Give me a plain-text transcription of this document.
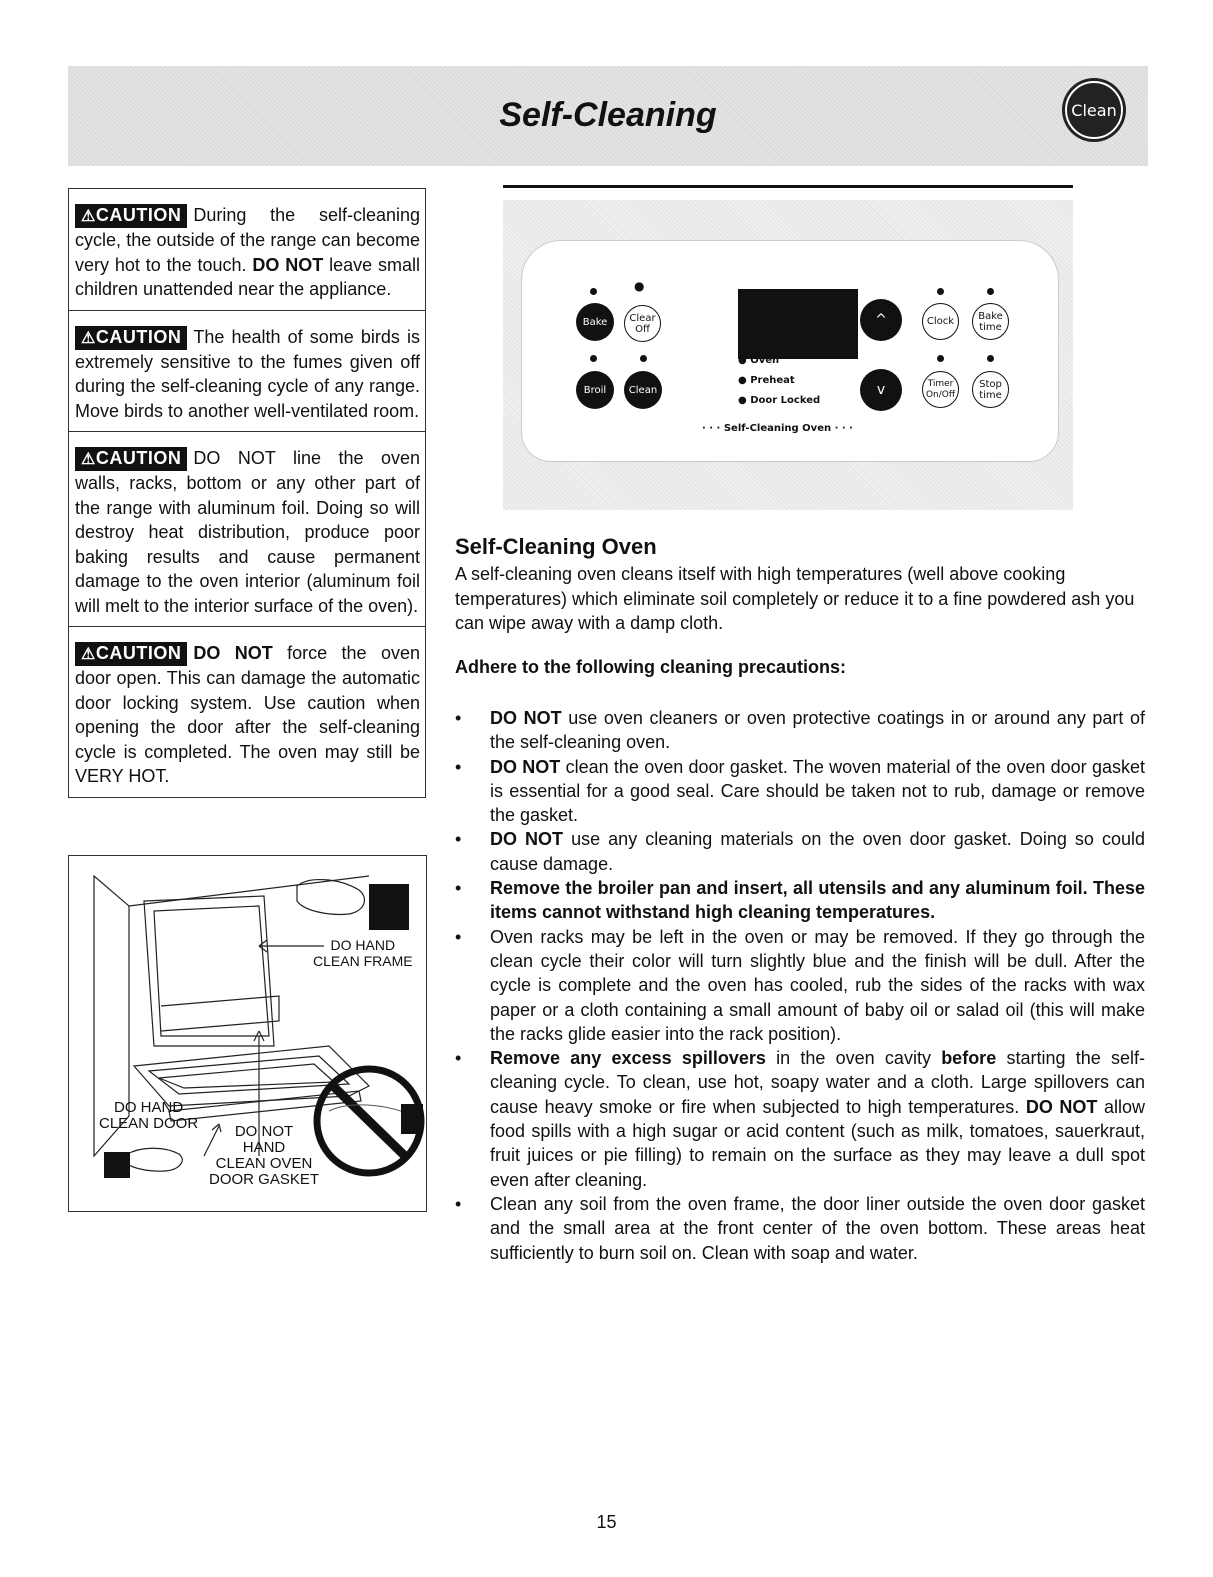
Self-Cleaning	Clean
⚠CAUTION During the self-cleaning cycle, the outside of the range can become very hot to the touch. DO NOT leave small children unattended near the appliance.
⚠CAUTION The health of some birds is extremely sensitive to the fumes given off during the self-cleaning cycle of any range. Move birds to another well-ventilated room.
⚠CAUTION DO NOT line the oven walls, racks, bottom or any other part of the range with aluminum foil. Doing so will destroy heat distribution, produce poor baking results and cause permanent damage to the oven interior (aluminum foil will melt to the interior surface of the oven).
⚠CAUTION DO NOT force the oven door open. This can damage the automatic door locking system. Use caution when opening the door after the self-cleaning cycle is completed. The oven may still be VERY HOT.
DO HAND
CLEAN FRAME
DO HAND
CLEAN DOOR	DO NOT
HAND
CLEAN OVEN
DOOR GASKET
●
Bake	Clear Off
Broil	Clean
● Oven
● Preheat
● Door Locked
· · · Self-Cleaning Oven · · ·
^
v
Clock	Bake time
Timer On/Off
Stop time
Self-Cleaning Oven
A self-cleaning oven cleans itself with high temperatures (well above cooking temperatures) which eliminate soil completely or reduce it to a fine powdered ash you can wipe away with a damp cloth.
Adhere to the following cleaning precautions:
•	DO NOT use oven cleaners or oven protective coatings in or around any part of the self-cleaning oven.
•	DO NOT clean the oven door gasket. The woven material of the oven door gasket is essential for a good seal. Care should be taken not to rub, damage or remove the gasket.
•	DO NOT use any cleaning materials on the oven door gasket. Doing so could cause damage.
•	Remove the broiler pan and insert, all utensils and any aluminum foil. These items cannot withstand high cleaning temperatures.
•	Oven racks may be left in the oven or may be removed. If they go through the clean cycle their color will turn slightly blue and the finish will be dull. After the cycle is complete and the oven has cooled, rub the sides of the racks with wax paper or a cloth containing a small amount of baby oil or salad oil (this will make the racks glide easier into the rack position).
•	Remove any excess spillovers in the oven cavity before starting the self-cleaning cycle. To clean, use hot, soapy water and a cloth. Large spillovers can cause heavy smoke or fire when subjected to high temperatures. DO NOT allow food spills with a high sugar or acid content (such as milk, tomatoes, sauerkraut, fruit juices or pie filling) to remain on the surface as they may leave a dull spot even after cleaning.
•	Clean any soil from the oven frame, the door liner outside the oven door gasket and the small area at the front center of the oven bottom. These areas heat sufficiently to burn soil on. Clean with soap and water.
15
